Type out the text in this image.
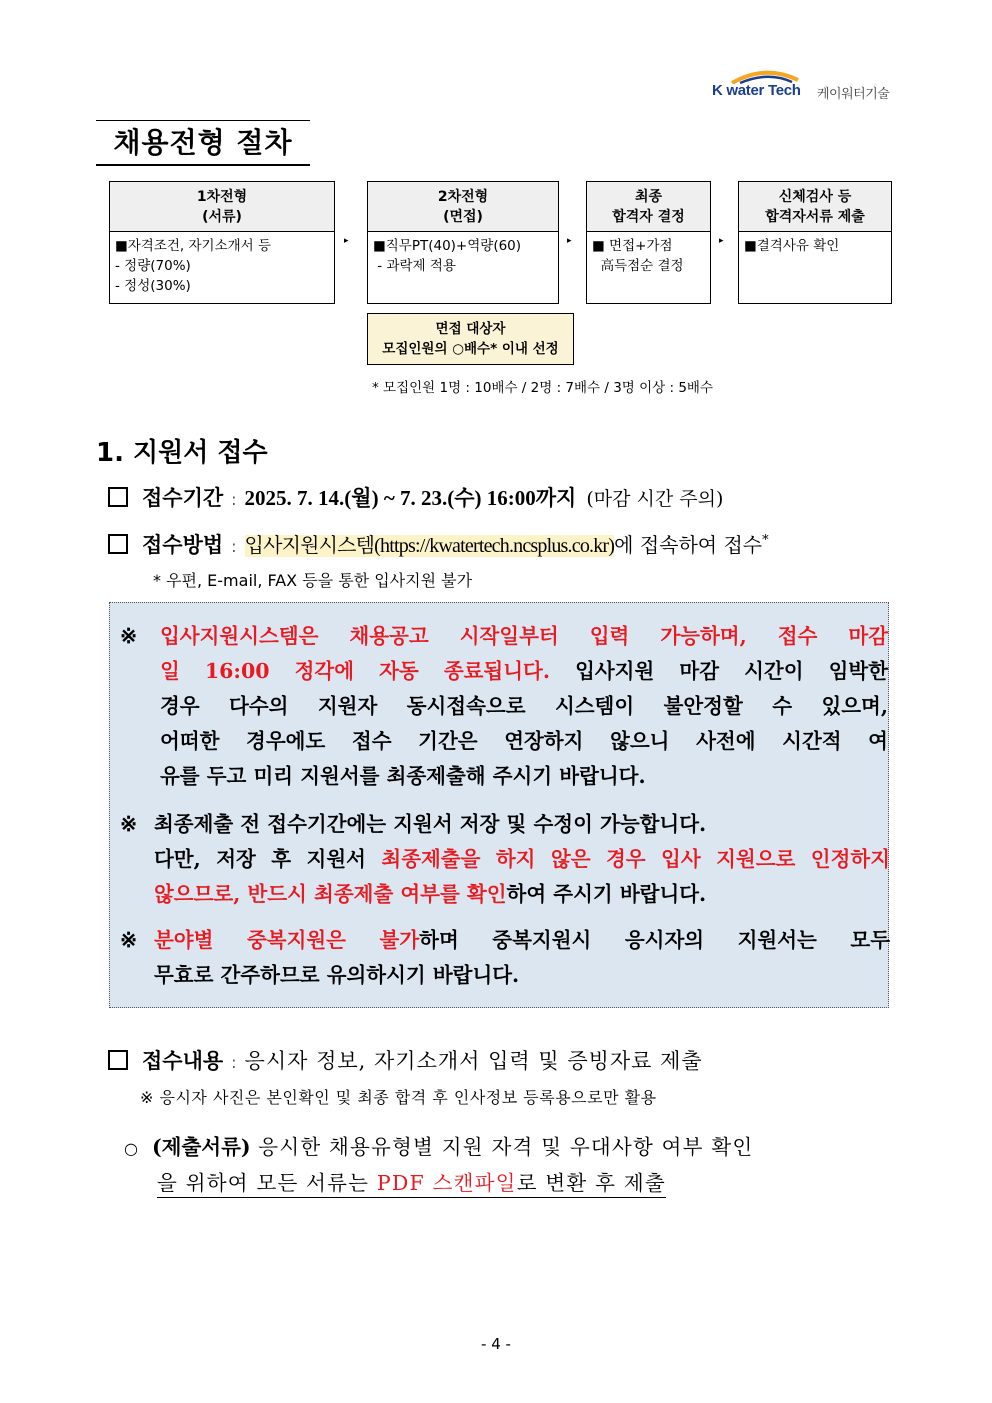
K water Tech 케이워터기술
채용전형 절차
1차전형
(서류)
■자격조건, 자기소개서 등
- 정량(70%)
- 정성(30%)
▸
2차전형
(면접)
■직무PT(40)+역량(60)
- 과락제 적용
▸
최종
합격자 결정
■ 면접+가점
高득점순 결정
▸
신체검사 등
합격자서류 제출
■결격사유 확인
면접 대상자
모집인원의 ○배수* 이내 선정
* 모집인원 1명 : 10배수 / 2명 : 7배수 / 3명 이상 : 5배수
1. 지원서 접수
접수기간 : 2025. 7. 14.(월) ~ 7. 23.(수) 16:00까지 (마감 시간 주의)
접수방법 : 입사지원시스템(https://kwatertech.ncsplus.co.kr)에 접속하여 접수*
* 우편, E-mail, FAX 등을 통한 입사지원 불가
※ 입사지원시스템은 채용공고 시작일부터 입력 가능하며, 접수 마감
일 16:00 정각에 자동 종료됩니다. 입사지원 마감 시간이 임박한
경우 다수의 지원자 동시접속으로 시스템이 불안정할 수 있으며,
어떠한 경우에도 접수 기간은 연장하지 않으니 사전에 시간적 여
유를 두고 미리 지원서를 최종제출해 주시기 바랍니다.
※ 최종제출 전 접수기간에는 지원서 저장 및 수정이 가능합니다.
다만, 저장 후 지원서 최종제출을 하지 않은 경우 입사 지원으로 인정하지
않으므로, 반드시 최종제출 여부를 확인하여 주시기 바랍니다.
※ 분야별 중복지원은 불가하며 중복지원시 응시자의 지원서는 모두
무효로 간주하므로 유의하시기 바랍니다.
접수내용 : 응시자 정보, 자기소개서 입력 및 증빙자료 제출
※ 응시자 사진은 본인확인 및 최종 합격 후 인사정보 등록용으로만 활용
○ (제출서류) 응시한 채용유형별 지원 자격 및 우대사항 여부 확인
을 위하여 모든 서류는 PDF 스캔파일로 변환 후 제출
- 4 -
